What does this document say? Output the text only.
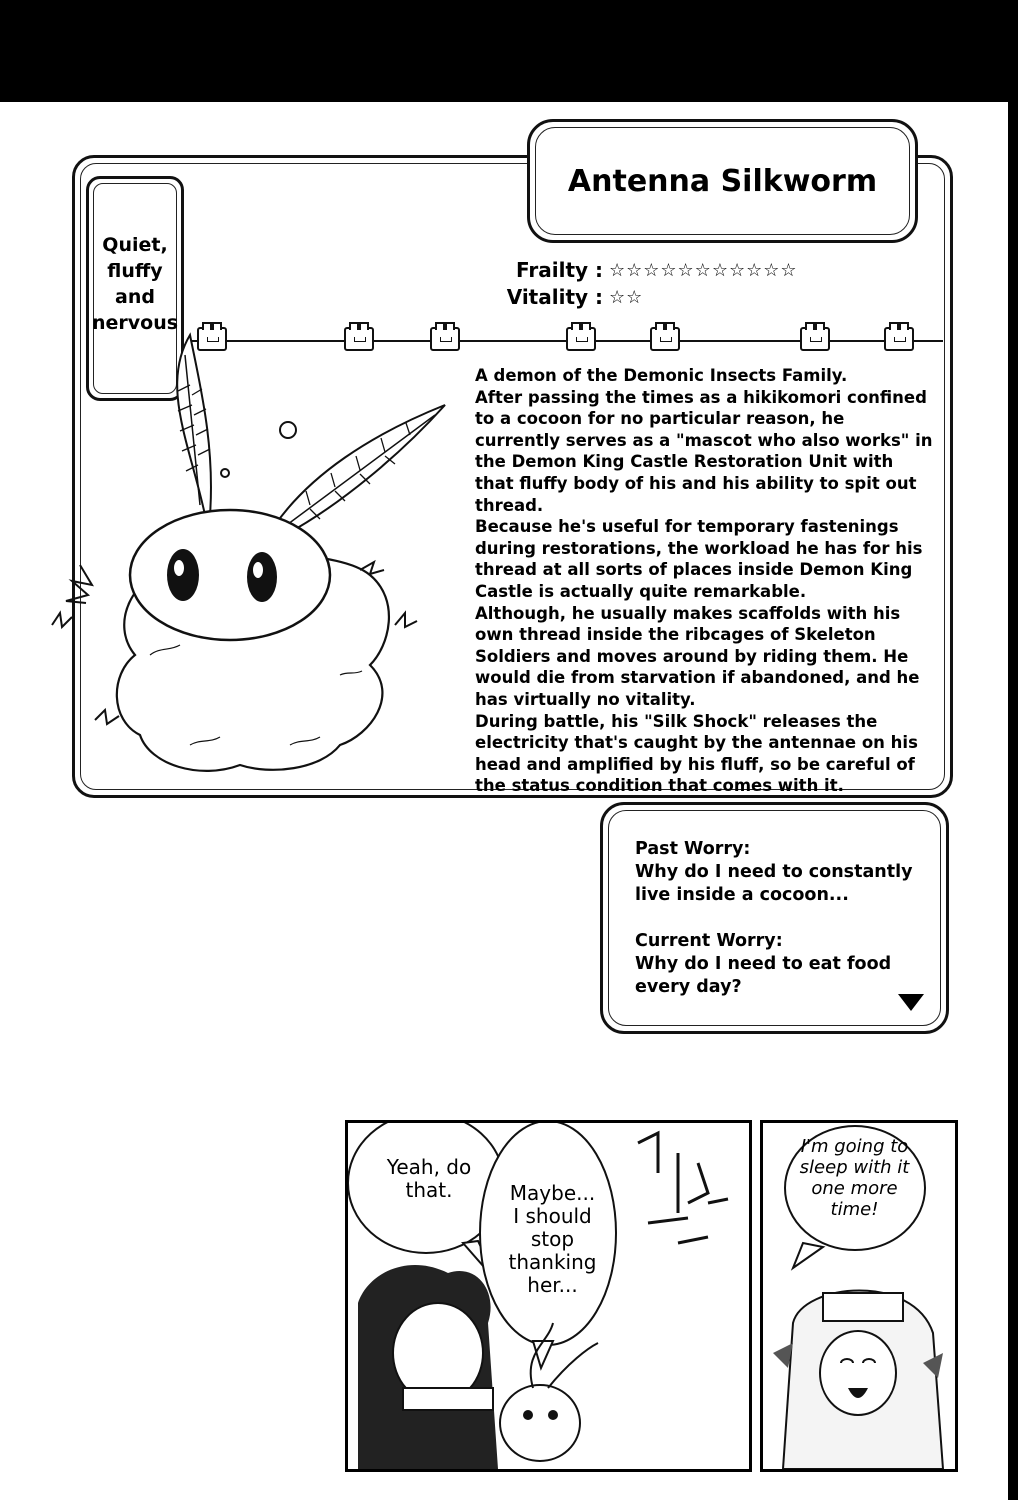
Antenna Silkworm
Quiet,
fluffy
and
nervous
Frailty : ☆☆☆☆☆☆☆☆☆☆☆
Vitality : ☆☆

A demon of the Demonic Insects Family.

After passing the times as a hikikomori confined to a cocoon for no particular reason, he currently serves as a "mascot who also works" in the Demon King Castle Restoration Unit with that fluffy body of his and his ability to spit out thread.

Because he's useful for temporary fastenings during restorations, the workload he has for his thread at all sorts of places inside Demon King Castle is actually quite remarkable.

Although, he usually makes scaffolds with his own thread inside the ribcages of Skeleton Soldiers and moves around by riding them. He would die from starvation if abandoned, and he has virtually no vitality.

During battle, his "Silk Shock" releases the electricity that's caught by the antennae on his head and amplified by his fluff, so be careful of the status condition that comes with it.

Past Worry:

Why do I need to constantly live inside a cocoon...

Current Worry:

Why do I need to eat food every day?

Yeah, do that.	Maybe... I should stop thanking her...
I'm going to sleep with it one more time!
